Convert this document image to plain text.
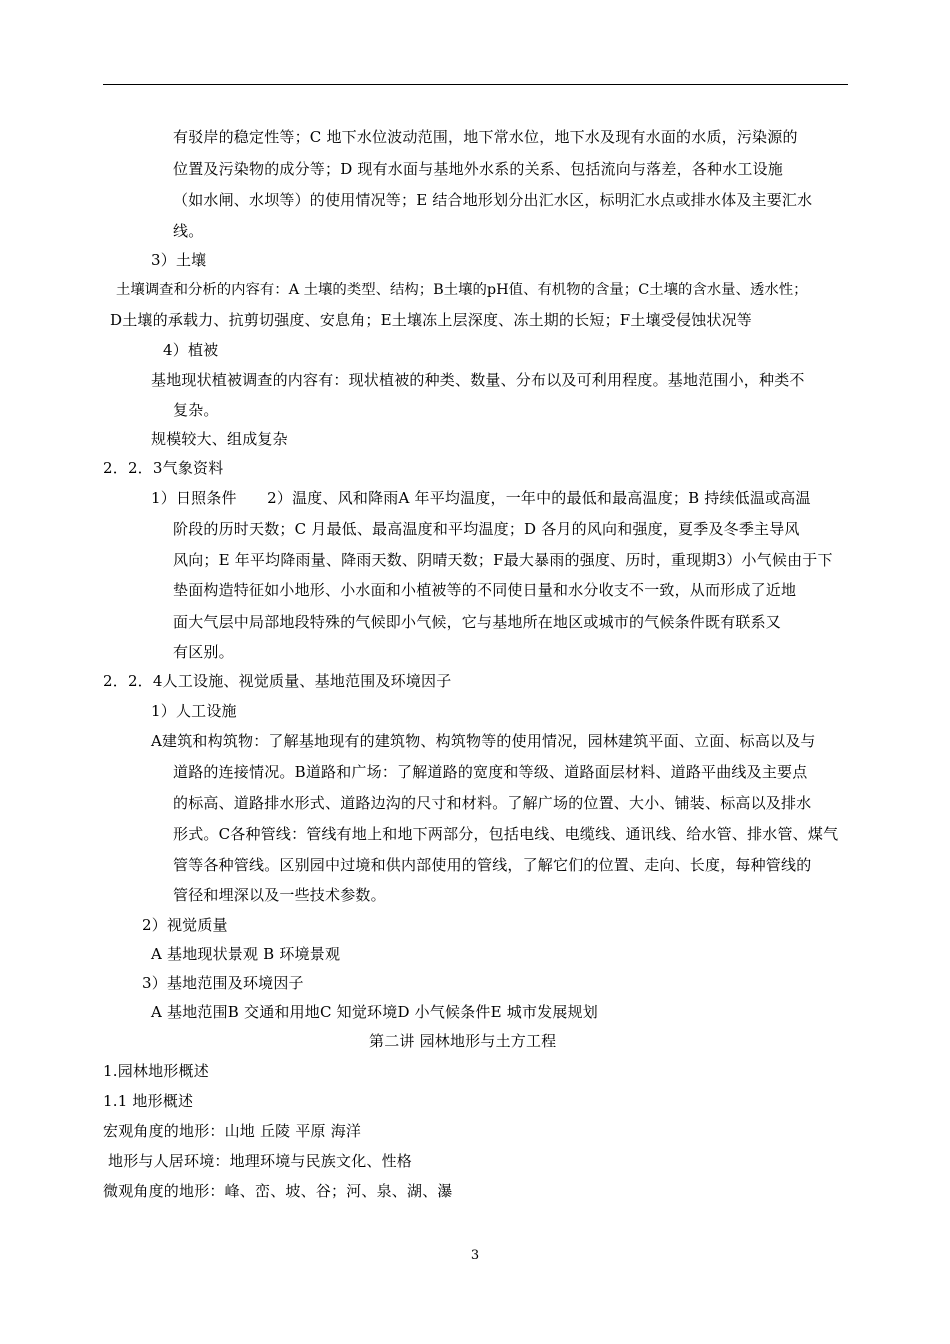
有驳岸的稳定性等；C 地下水位波动范围，地下常水位，地下水及现有水面的水质，污染源的
位置及污染物的成分等；D 现有水面与基地外水系的关系、包括流向与落差，各种水工设施
（如水闸、水坝等）的使用情况等；E 结合地形划分出汇水区，标明汇水点或排水体及主要汇水
线。
3）土壤
土壤调查和分析的内容有：A 土壤的类型、结构；B土壤的pH值、有机物的含量；C土壤的含水量、透水性；
D土壤的承载力、抗剪切强度、安息角；E土壤冻上层深度、冻土期的长短；F土壤受侵蚀状况等
4）植被
基地现状植被调查的内容有：现状植被的种类、数量、分布以及可利用程度。基地范围小，种类不
复杂。
规模较大、组成复杂
2．2．3气象资料
1）日照条件　　2）温度、风和降雨A 年平均温度，一年中的最低和最高温度；B 持续低温或高温
阶段的历时天数；C 月最低、最高温度和平均温度；D 各月的风向和强度，夏季及冬季主导风
风向；E 年平均降雨量、降雨天数、阴晴天数；F最大暴雨的强度、历时，重现期3）小气候由于下
垫面构造特征如小地形、小水面和小植被等的不同使日量和水分收支不一致，从而形成了近地
面大气层中局部地段特殊的气候即小气候，它与基地所在地区或城市的气候条件既有联系又
有区别。
2．2．4人工设施、视觉质量、基地范围及环境因子
1）人工设施
A建筑和构筑物：了解基地现有的建筑物、构筑物等的使用情况，园林建筑平面、立面、标高以及与
道路的连接情况。B道路和广场：了解道路的宽度和等级、道路面层材料、道路平曲线及主要点
的标高、道路排水形式、道路边沟的尺寸和材料。了解广场的位置、大小、铺装、标高以及排水
形式。C各种管线：管线有地上和地下两部分，包括电线、电缆线、通讯线、给水管、排水管、煤气
管等各种管线。区别园中过境和供内部使用的管线，了解它们的位置、走向、长度，每种管线的
管径和埋深以及一些技术参数。
2）视觉质量
A 基地现状景观 B 环境景观
3）基地范围及环境因子
A 基地范围B 交通和用地C 知觉环境D 小气候条件E 城市发展规划
第二讲 园林地形与土方工程
1.园林地形概述
1.1 地形概述
宏观角度的地形：山地 丘陵 平原 海洋
地形与人居环境：地理环境与民族文化、性格
微观角度的地形：峰、峦、坡、谷；河、泉、湖、瀑
3
